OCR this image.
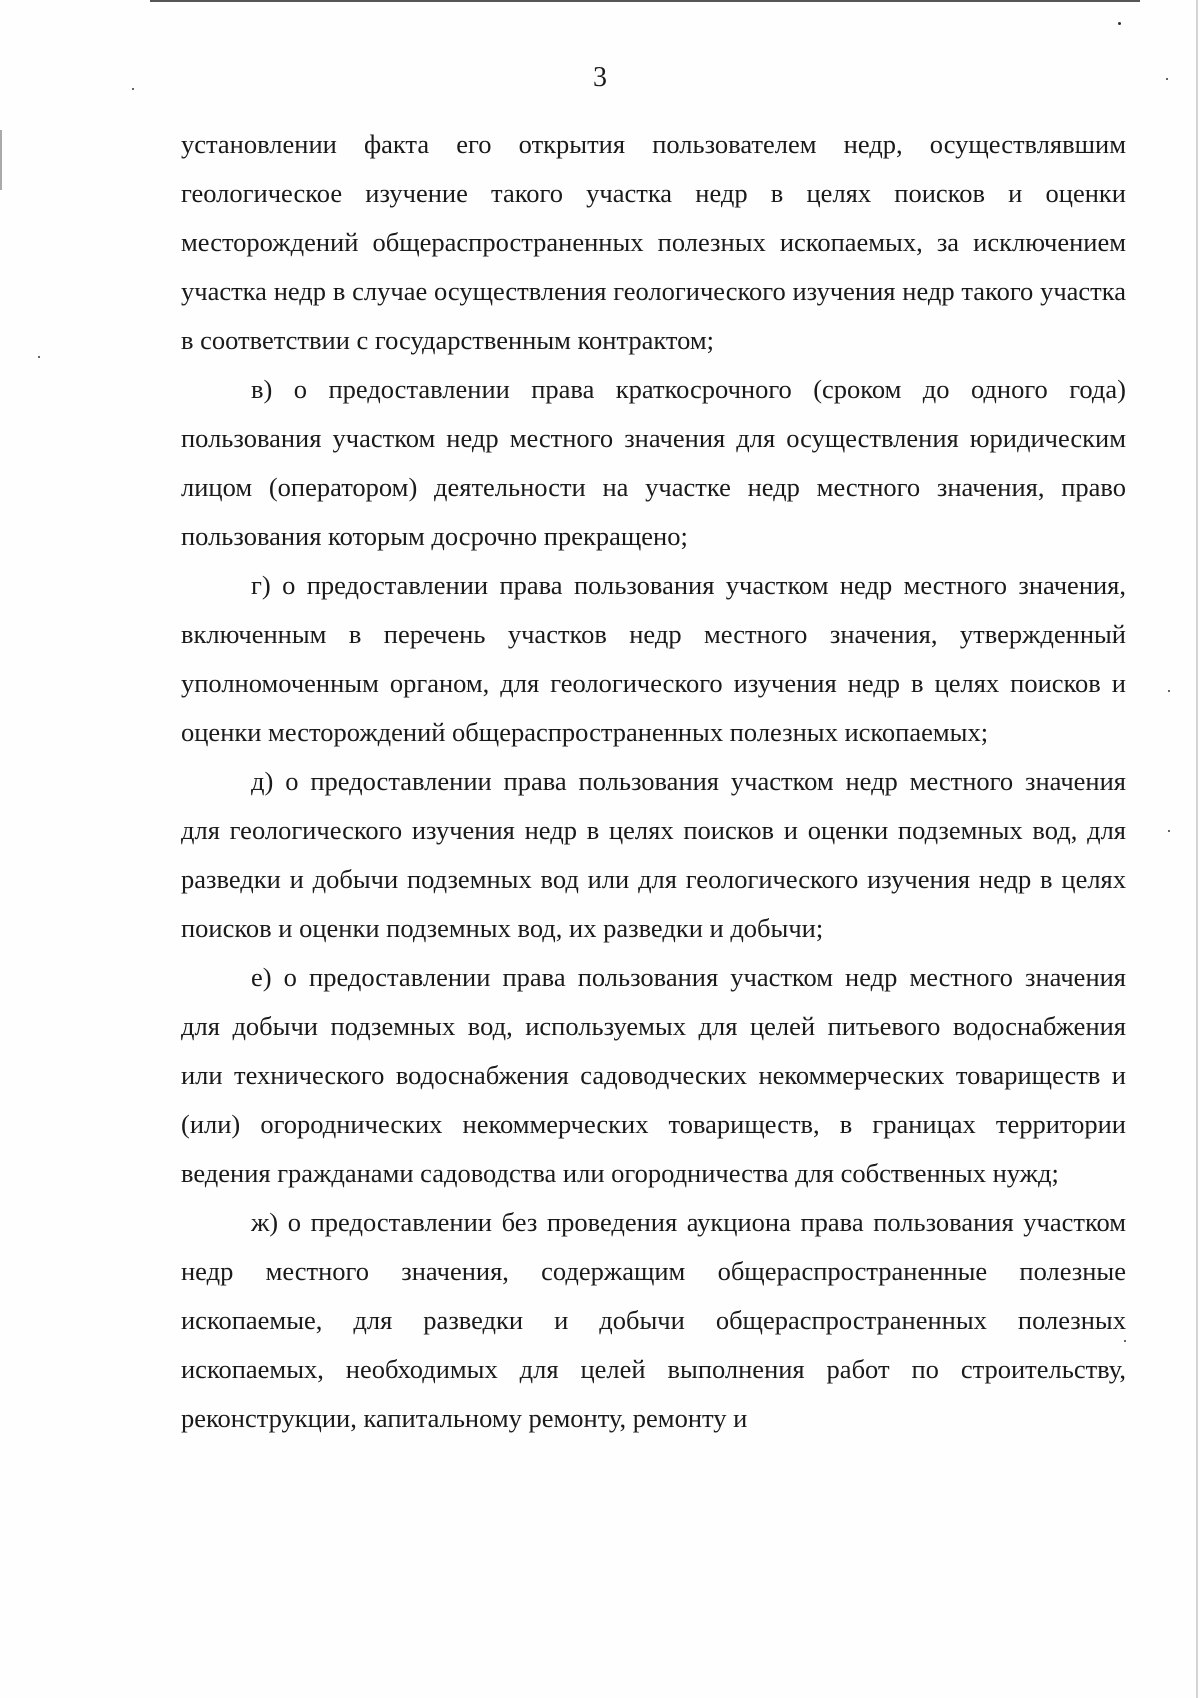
3

установлении факта его открытия пользователем недр, осуществлявшим геологическое изучение такого участка недр в целях поисков и оценки месторождений общераспространенных полезных ископаемых, за исключением участка недр в случае осуществления геологического изучения недр такого участка в соответствии с государственным контрактом;

в) о предоставлении права краткосрочного (сроком до одного года) пользования участком недр местного значения для осуществления юридическим лицом (оператором) деятельности на участке недр местного значения, право пользования которым досрочно прекращено;

г) о предоставлении права пользования участком недр местного значения, включенным в перечень участков недр местного значения, утвержденный уполномоченным органом, для геологического изучения недр в целях поисков и оценки месторождений общераспространенных полезных ископаемых;

д) о предоставлении права пользования участком недр местного значения для геологического изучения недр в целях поисков и оценки подземных вод, для разведки и добычи подземных вод или для геологического изучения недр в целях поисков и оценки подземных вод, их разведки и добычи;

е) о предоставлении права пользования участком недр местного значения для добычи подземных вод, используемых для целей питьевого водоснабжения или технического водоснабжения садоводческих некоммерческих товариществ и (или) огороднических некоммерческих товариществ, в границах территории ведения гражданами садоводства или огородничества для собственных нужд;

ж) о предоставлении без проведения аукциона права пользования участком недр местного значения, содержащим общераспространенные полезные ископаемые, для разведки и добычи общераспространенных полезных ископаемых, необходимых для целей выполнения работ по строительству, реконструкции, капитальному ремонту, ремонту и
